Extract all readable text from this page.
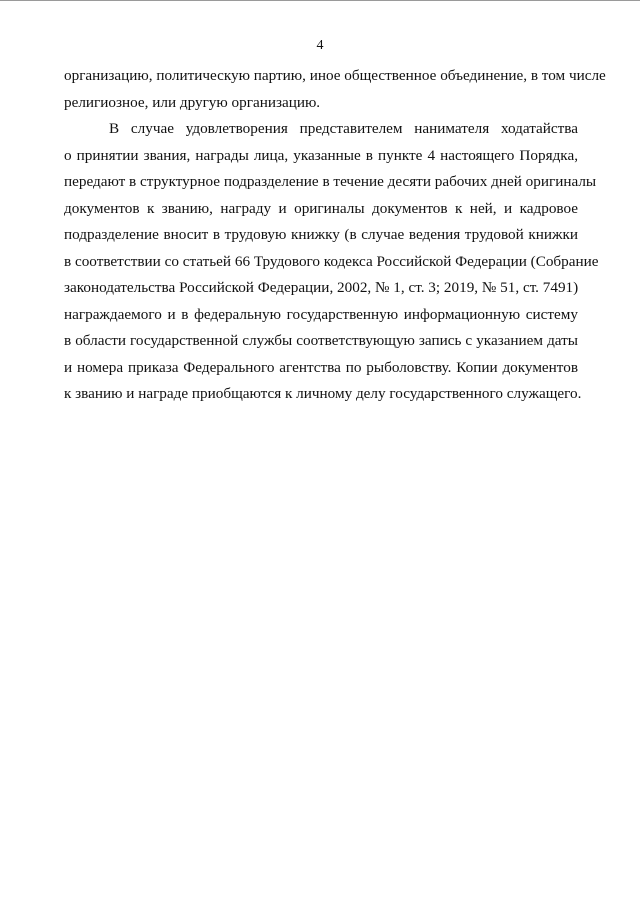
4
организацию, политическую партию, иное общественное объединение, в том числе
религиозное, или другую организацию.
В случае удовлетворения представителем нанимателя ходатайства
о принятии звания, награды лица, указанные в пункте 4 настоящего Порядка,
передают в структурное подразделение в течение десяти рабочих дней оригиналы
документов к званию, награду и оригиналы документов к ней, и кадровое
подразделение вносит в трудовую книжку (в случае ведения трудовой книжки
в соответствии со статьей 66 Трудового кодекса Российской Федерации (Собрание
законодательства Российской Федерации, 2002, № 1, ст. 3; 2019, № 51, ст. 7491)
награждаемого и в федеральную государственную информационную систему
в области государственной службы соответствующую запись с указанием даты
и номера приказа Федерального агентства по рыболовству. Копии документов
к званию и награде приобщаются к личному делу государственного служащего.
